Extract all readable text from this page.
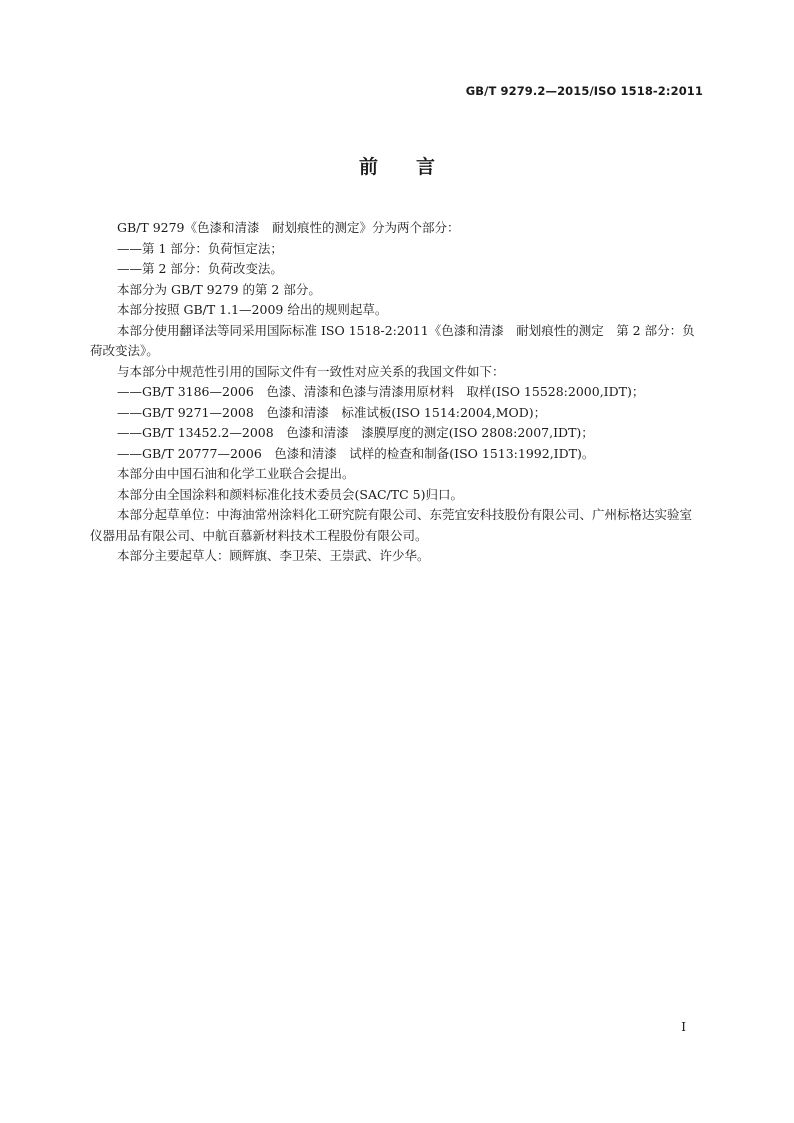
GB/T 9279.2—2015/ISO 1518-2:2011
前言

GB/T 9279《色漆和清漆　耐划痕性的测定》分为两个部分：

——第 1 部分：负荷恒定法；

——第 2 部分：负荷改变法。

本部分为 GB/T 9279 的第 2 部分。

本部分按照 GB/T 1.1—2009 给出的规则起草。

本部分使用翻译法等同采用国际标准 ISO 1518-2:2011《色漆和清漆　耐划痕性的测定　第 2 部分：负荷改变法》。

与本部分中规范性引用的国际文件有一致性对应关系的我国文件如下：

——GB/T 3186—2006　色漆、清漆和色漆与清漆用原材料　取样(ISO 15528:2000,IDT)；

——GB/T 9271—2008　色漆和清漆　标准试板(ISO 1514:2004,MOD)；

——GB/T 13452.2—2008　色漆和清漆　漆膜厚度的测定(ISO 2808:2007,IDT)；

——GB/T 20777—2006　色漆和清漆　试样的检查和制备(ISO 1513:1992,IDT)。

本部分由中国石油和化学工业联合会提出。

本部分由全国涂料和颜料标准化技术委员会(SAC/TC 5)归口。

本部分起草单位：中海油常州涂料化工研究院有限公司、东莞宜安科技股份有限公司、广州标格达实验室仪器用品有限公司、中航百慕新材料技术工程股份有限公司。

本部分主要起草人：顾辉旗、李卫荣、王崇武、许少华。

I
